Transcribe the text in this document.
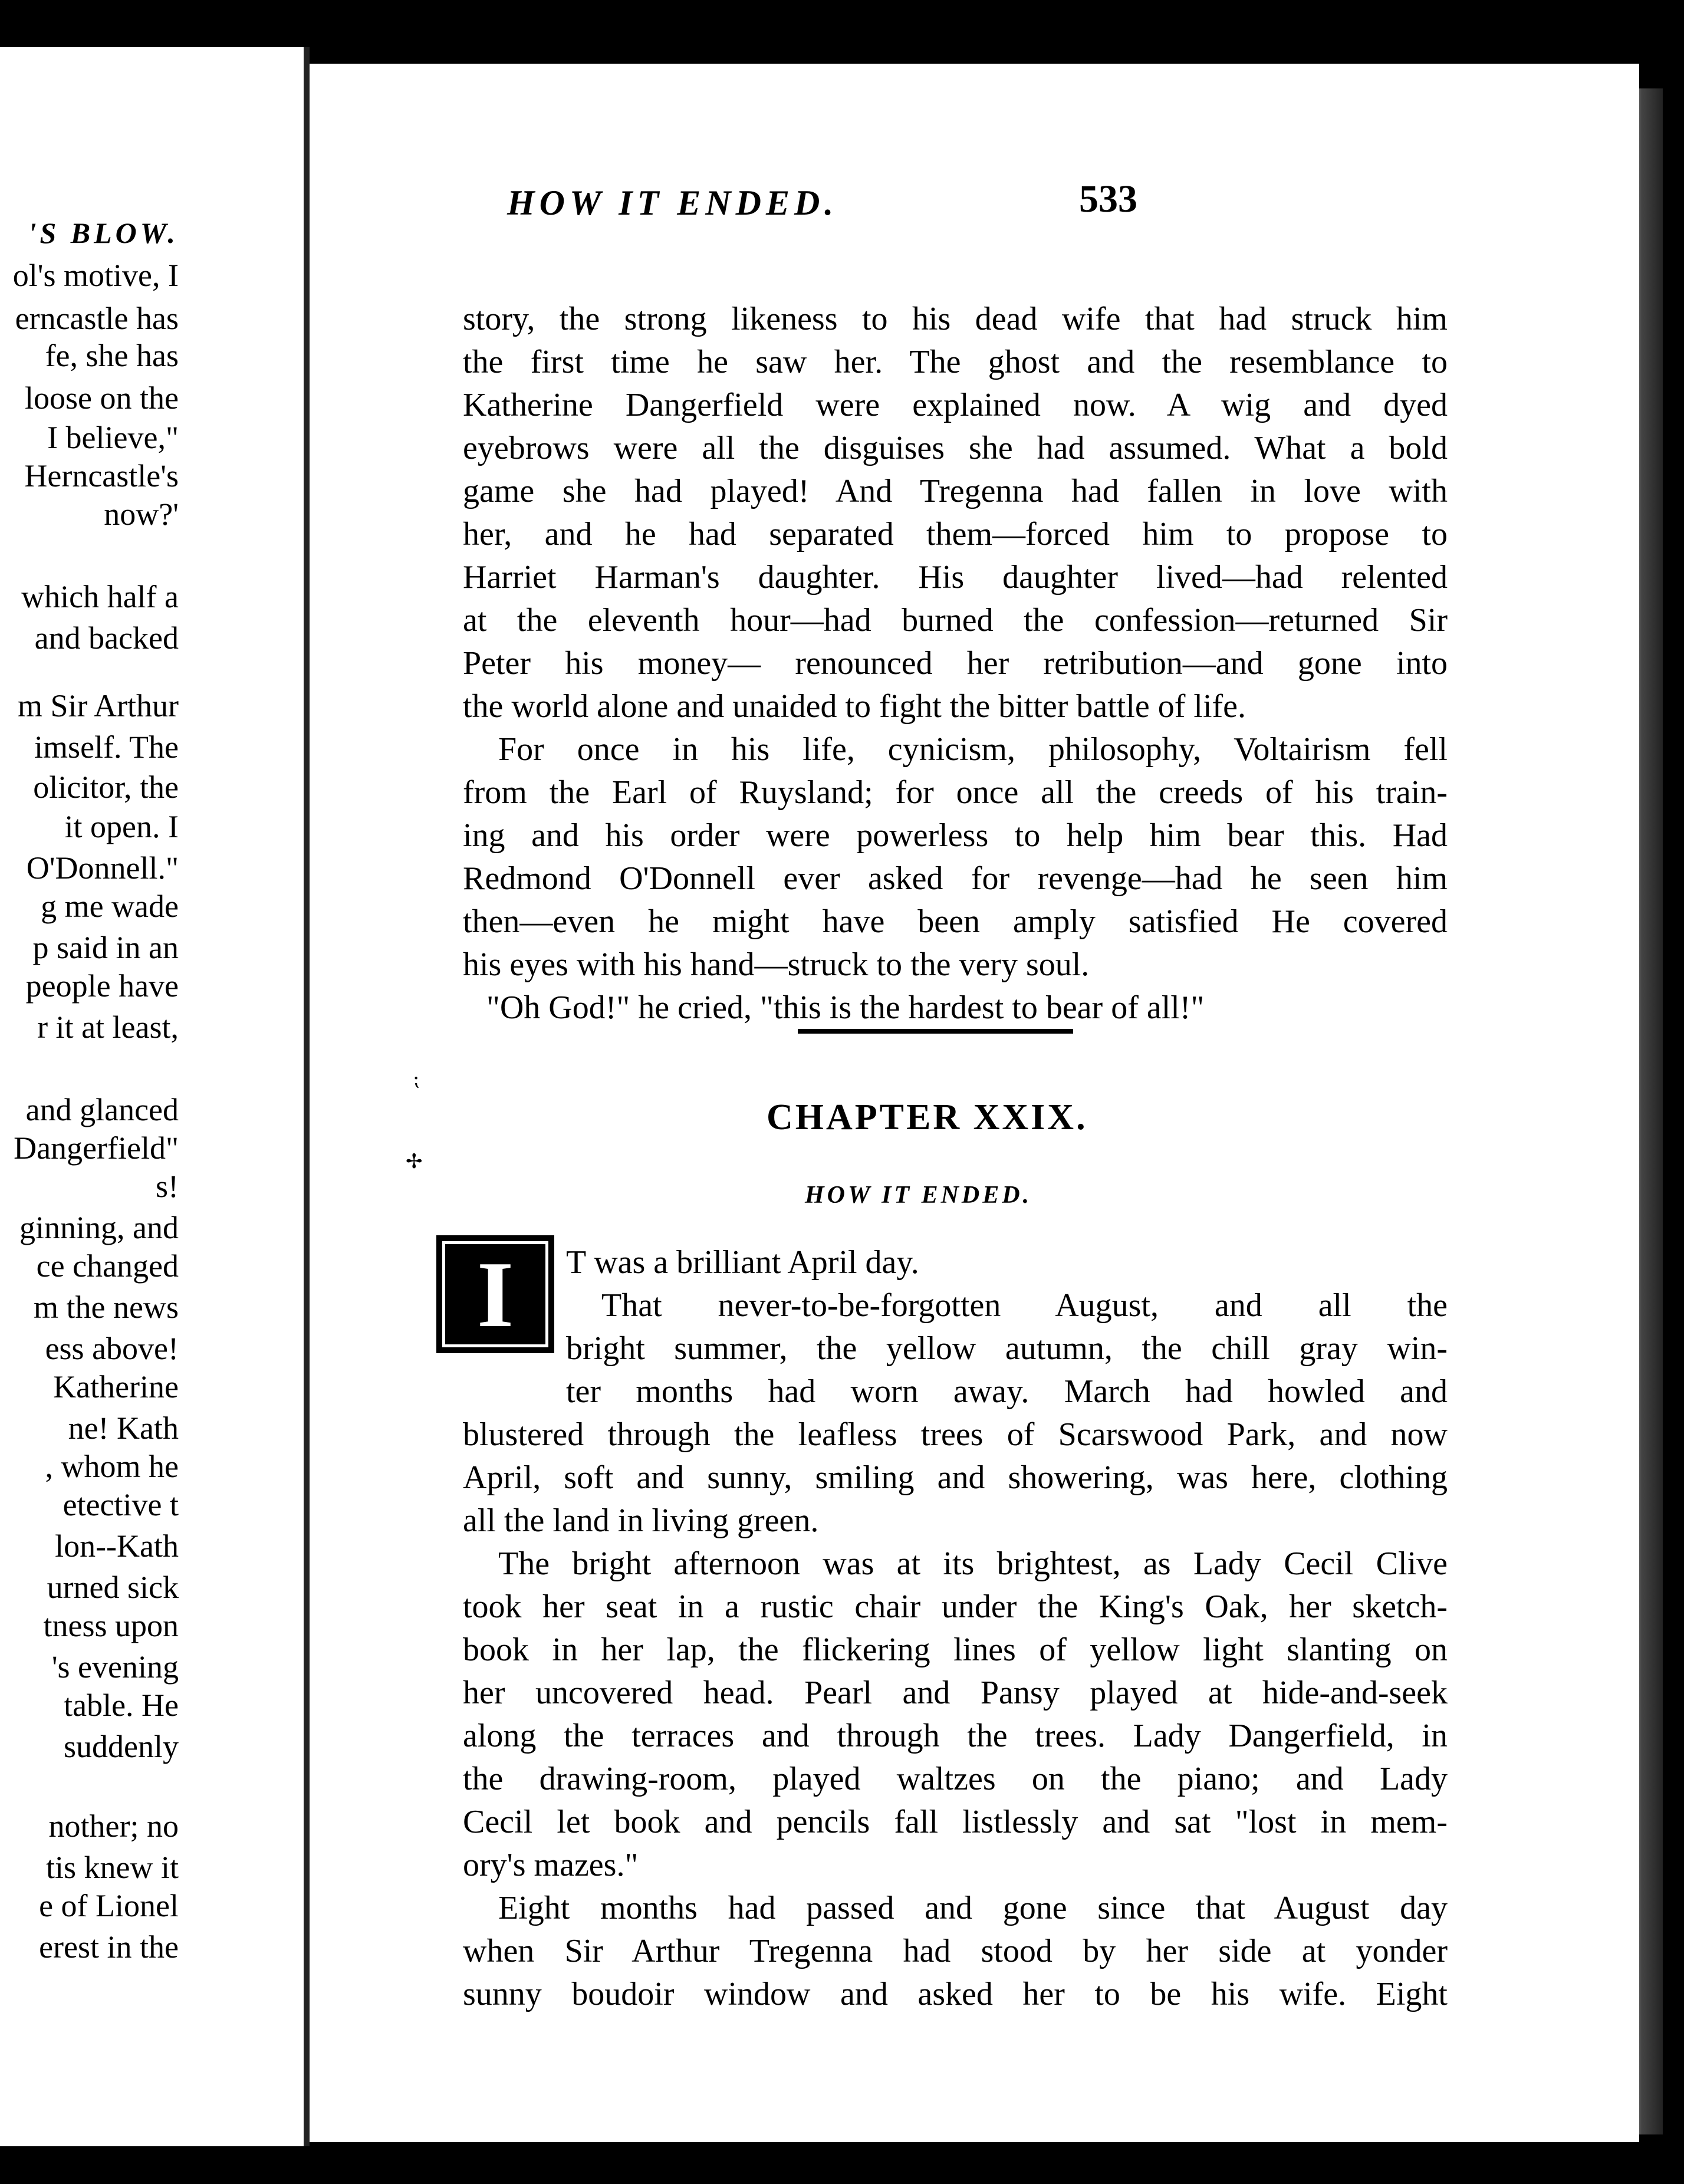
'S BLOW.
ol's motive, I
erncastle has
fe, she has
loose on the
I believe,"
Herncastle's
now?'
which half a
and backed
m Sir Arthur
imself. The
olicitor, the
it open. I
O'Donnell."
g me wade
p said in an
people have
r it at least,
and glanced
Dangerfield"
s!
ginning, and
ce changed
m the news
ess above!
Katherine
ne! Kath
, whom he
etective t
lon--Kath
urned sick
tness upon
's evening
table. He
suddenly
nother; no
tis knew it
e of Lionel
erest in the
HOW IT ENDED.	533
story, the strong likeness to his dead wife that had struck him
the first time he saw her. The ghost and the resemblance to
Katherine Dangerfield were explained now. A wig and dyed
eyebrows were all the disguises she had assumed. What a bold
game she had played! And Tregenna had fallen in love with
her, and he had separated them—forced him to propose to
Harriet Harman's daughter. His daughter lived—had relented
at the eleventh hour—had burned the confession—returned Sir
Peter his money— renounced her retribution—and gone into
the world alone and unaided to fight the bitter battle of life.
For once in his life, cynicism, philosophy, Voltairism fell
from the Earl of Ruysland; for once all the creeds of his train-
ing and his order were powerless to help him bear this. Had
Redmond O'Donnell ever asked for revenge—had he seen him
then—even he might have been amply satisfied He covered
his eyes with his hand—struck to the very soul.
"Oh God!" he cried, "this is the hardest to bear of all!"
⁏
✢
CHAPTER XXIX.
HOW IT ENDED.
I	T was a brilliant April day.
That never-to-be-forgotten August, and all the
bright summer, the yellow autumn, the chill gray win-
ter months had worn away. March had howled and
blustered through the leafless trees of Scarswood Park, and now
April, soft and sunny, smiling and showering, was here, clothing
all the land in living green.
The bright afternoon was at its brightest, as Lady Cecil Clive
took her seat in a rustic chair under the King's Oak, her sketch-
book in her lap, the flickering lines of yellow light slanting on
her uncovered head. Pearl and Pansy played at hide-and-seek
along the terraces and through the trees. Lady Dangerfield, in
the drawing-room, played waltzes on the piano; and Lady
Cecil let book and pencils fall listlessly and sat "lost in mem-
ory's mazes."
Eight months had passed and gone since that August day
when Sir Arthur Tregenna had stood by her side at yonder
sunny boudoir window and asked her to be his wife. Eight
